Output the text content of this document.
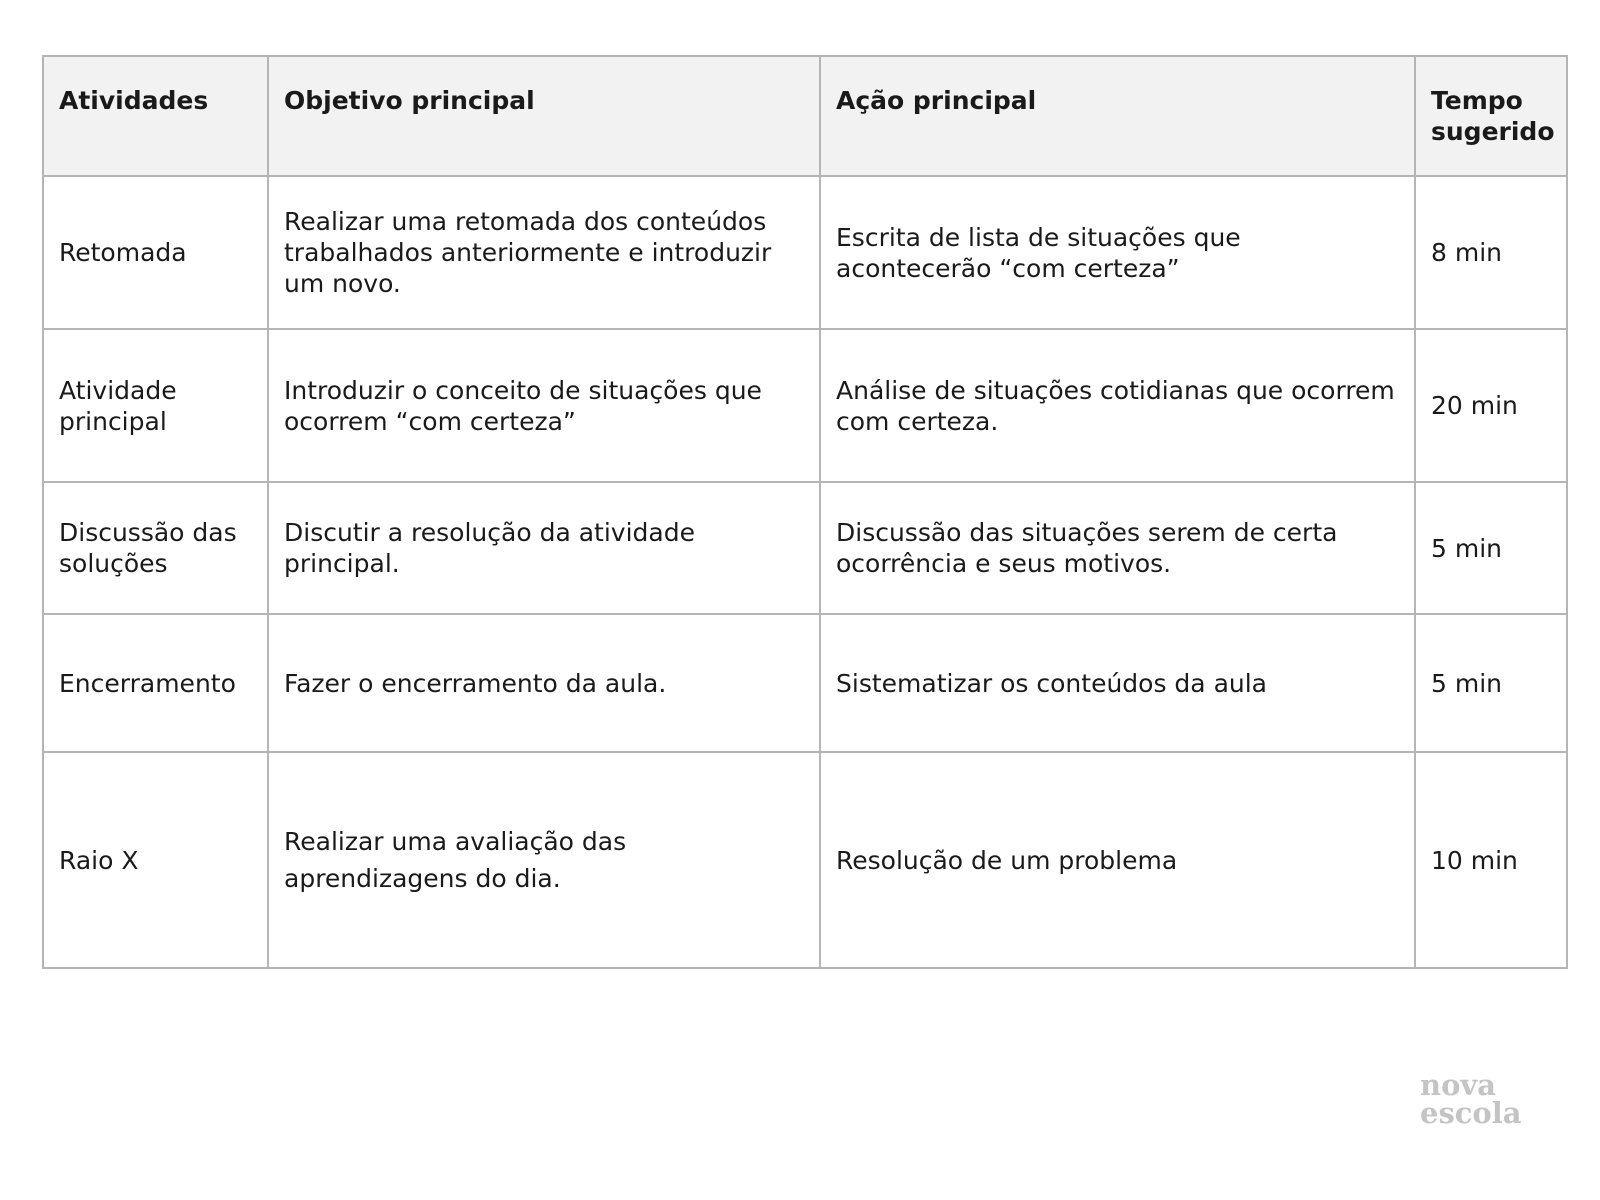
Atividades	Objetivo principal	Ação principal	Tempo sugerido
Retomada	Realizar uma retomada dos conteúdos trabalhados anteriormente e introduzir um novo.	Escrita de lista de situações que acontecerão “com certeza”	8 min
Atividade principal	Introduzir o conceito de situações que ocorrem “com certeza”	Análise de situações cotidianas que ocorrem com certeza.	20 min
Discussão das soluções	Discutir a resolução da atividade principal.	Discussão das situações serem de certa ocorrência e seus motivos.	5 min
Encerramento	Fazer o encerramento da aula.	Sistematizar os conteúdos da aula	5 min
Raio X	Realizar uma avaliação das aprendizagens do dia.	Resolução de um problema	10 min
nova
escola
